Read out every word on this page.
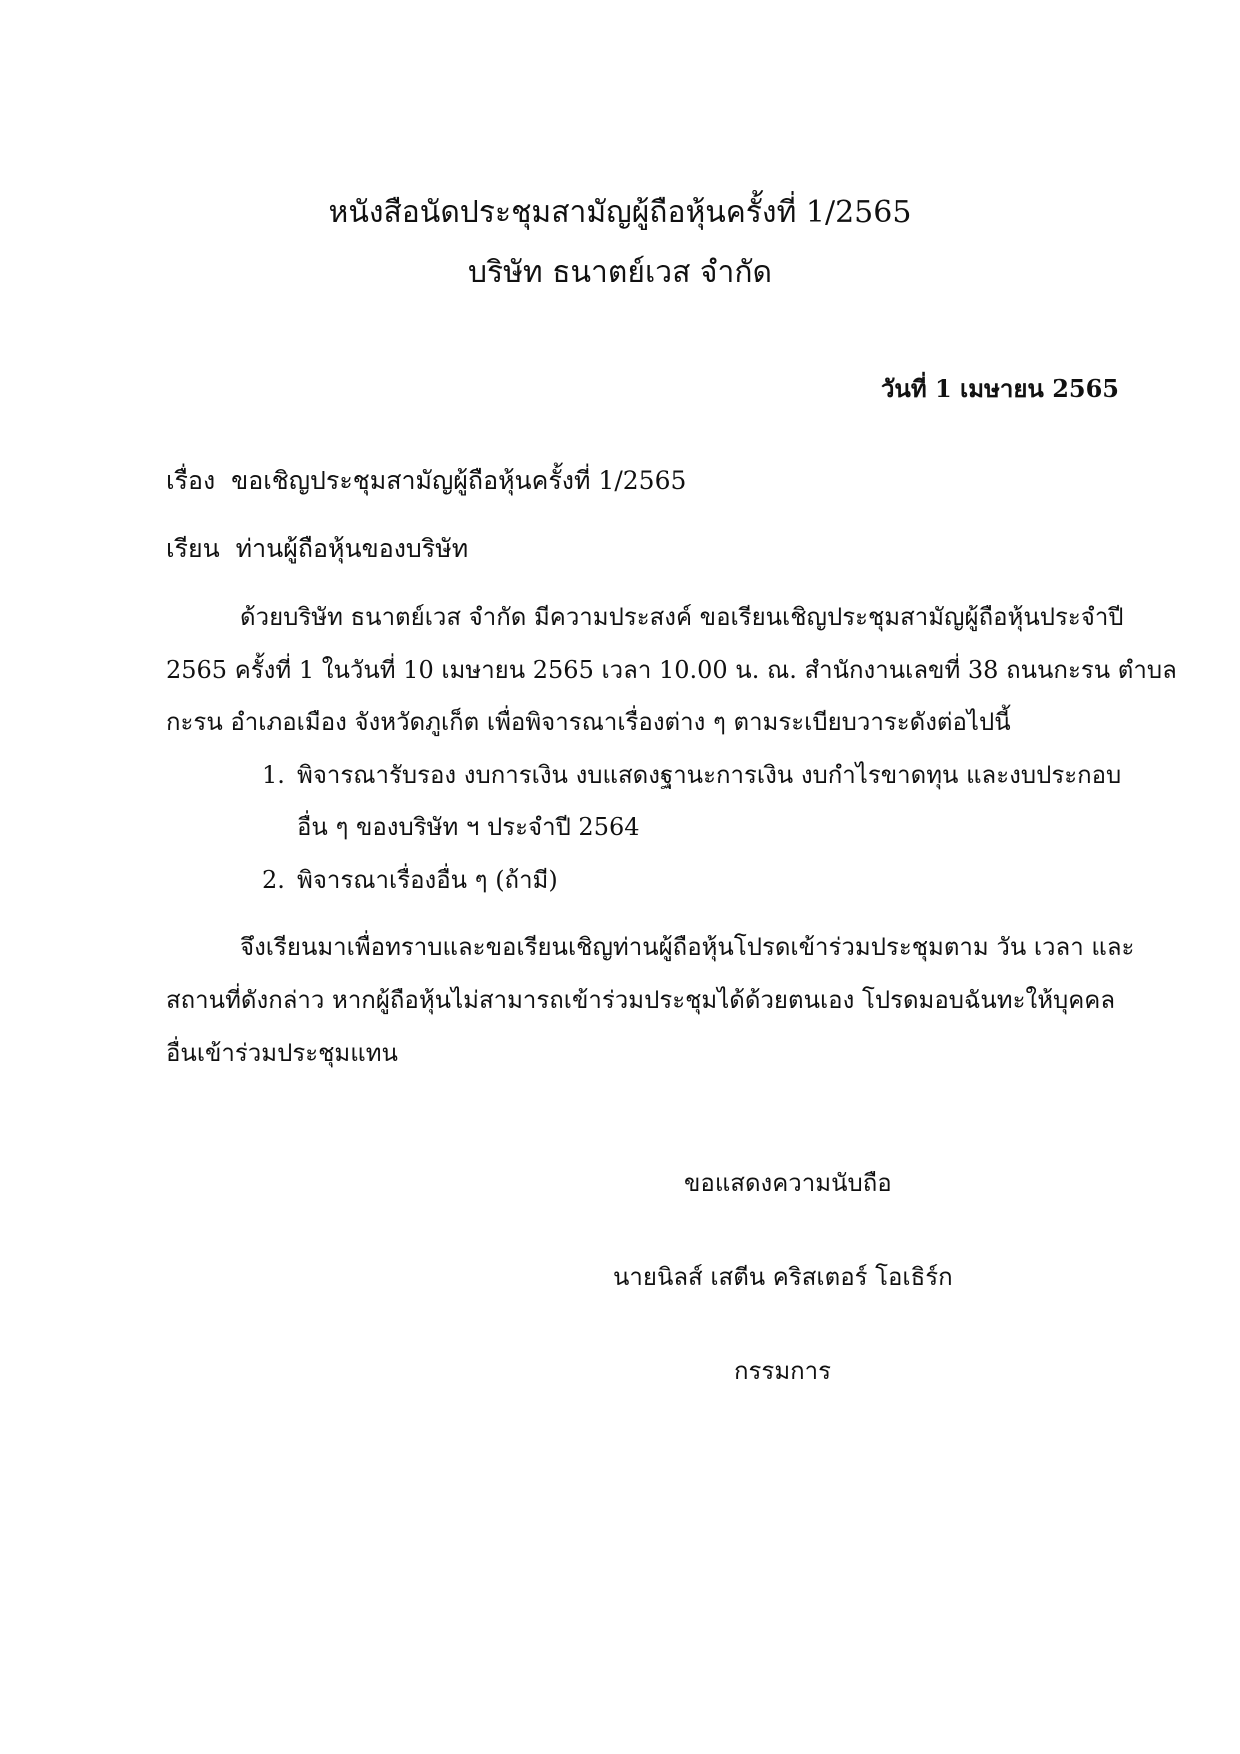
หนังสือนัดประชุมสามัญผู้ถือหุ้นครั้งที่ 1/2565
บริษัท ธนาตย์เวส จำกัด
วันที่ 1 เมษายน 2565
เรื่อง ขอเชิญประชุมสามัญผู้ถือหุ้นครั้งที่ 1/2565
เรียน ท่านผู้ถือหุ้นของบริษัท
ด้วยบริษัท ธนาตย์เวส จำกัด มีความประสงค์ ขอเรียนเชิญประชุมสามัญผู้ถือหุ้นประจำปี
2565 ครั้งที่ 1 ในวันที่ 10 เมษายน 2565 เวลา 10.00 น. ณ. สำนักงานเลขที่ 38 ถนนกะรน ตำบล
กะรน อำเภอเมือง จังหวัดภูเก็ต เพื่อพิจารณาเรื่องต่าง ๆ ตามระเบียบวาระดังต่อไปนี้
1. พิจารณารับรอง งบการเงิน งบแสดงฐานะการเงิน งบกำไรขาดทุน และงบประกอบ
อื่น ๆ ของบริษัท ฯ ประจำปี 2564
2. พิจารณาเรื่องอื่น ๆ (ถ้ามี)
จึงเรียนมาเพื่อทราบและขอเรียนเชิญท่านผู้ถือหุ้นโปรดเข้าร่วมประชุมตาม วัน เวลา และ
สถานที่ดังกล่าว หากผู้ถือหุ้นไม่สามารถเข้าร่วมประชุมได้ด้วยตนเอง โปรดมอบฉันทะให้บุคคล
อื่นเข้าร่วมประชุมแทน
ขอแสดงความนับถือ
นายนิลส์ เสตีน คริสเตอร์ โอเธิร์ก
กรรมการ
